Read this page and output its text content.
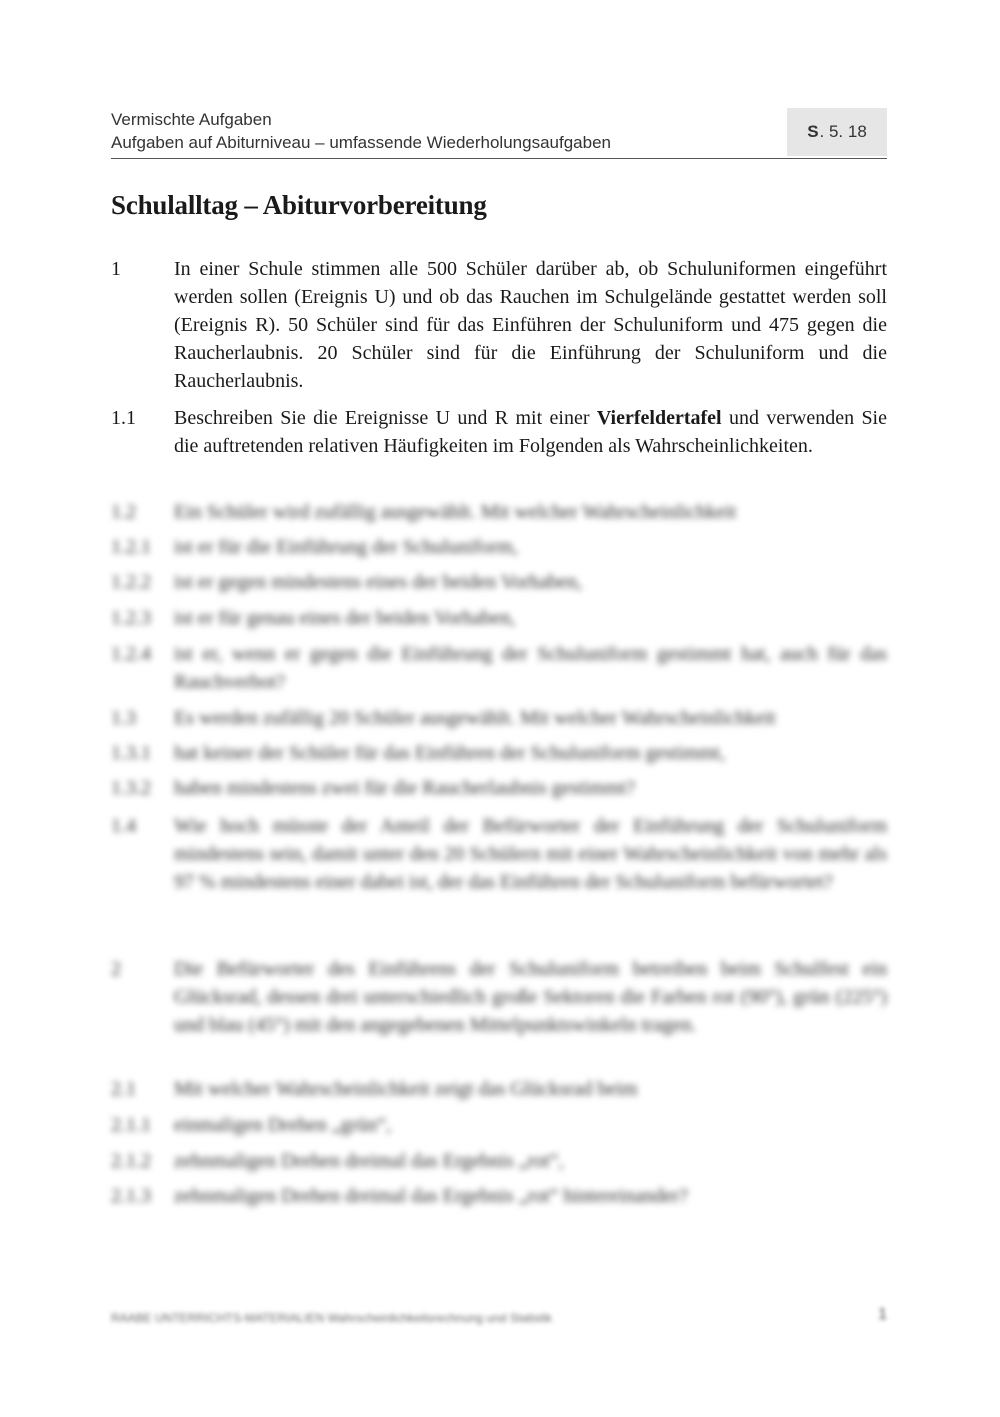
Vermischte Aufgaben
Aufgaben auf Abiturniveau – umfassende Wiederholungsaufgaben
S . 5. 18
Schulalltag – Abiturvorbereitung
1	In einer Schule stimmen alle 500 Schüler darüber ab, ob Schuluniformen eingeführt werden sollen (Ereignis U) und ob das Rauchen im Schulgelände gestattet werden soll (Ereignis R). 50 Schüler sind für das Einführen der Schuluniform und 475 gegen die Raucherlaubnis. 20 Schüler sind für die Einführung der Schuluniform und die Raucherlaubnis.
1.1 Beschreiben Sie die Ereignisse U und R mit einer Vierfeldertafel und verwenden Sie die auftretenden relativen Häufigkeiten im Folgenden als Wahrscheinlichkeiten.
1.2 Ein Schüler wird zufällig ausgewählt. Mit welcher Wahrscheinlichkeit
1.2.1 ist er für die Einführung der Schuluniform,
1.2.2 ist er gegen mindestens eines der beiden Vorhaben,
1.2.3 ist er für genau eines der beiden Vorhaben,
1.2.4 ist er, wenn er gegen die Einführung der Schuluniform gestimmt hat, auch für das Rauchverbot?
1.3 Es werden zufällig 20 Schüler ausgewählt. Mit welcher Wahrscheinlichkeit
1.3.1 hat keiner der Schüler für das Einführen der Schuluniform gestimmt,
1.3.2 haben mindestens zwei für die Raucherlaubnis gestimmt?
1.4 Wie hoch müsste der Anteil der Befürworter der Einführung der Schuluniform mindestens sein, damit unter den 20 Schülern mit einer Wahrscheinlichkeit von mehr als 97 % mindestens einer dabei ist, der das Einführen der Schuluniform befürwortet?
2	Die Befürworter des Einführens der Schuluniform betreiben beim Schulfest ein Glücksrad, dessen drei unterschiedlich große Sektoren die Farben rot (90°), grün (225°) und blau (45°) mit den angegebenen Mittelpunktswinkeln tragen.
2.1 Mit welcher Wahrscheinlichkeit zeigt das Glücksrad beim
2.1.1 einmaligen Drehen „grün“,
2.1.2 zehnmaligen Drehen dreimal das Ergebnis „rot“,
2.1.3 zehnmaligen Drehen dreimal das Ergebnis „rot“ hintereinander?
RAABE UNTERRICHTS-MATERIALIEN Wahrscheinlichkeitsrechnung und Statistik	1
